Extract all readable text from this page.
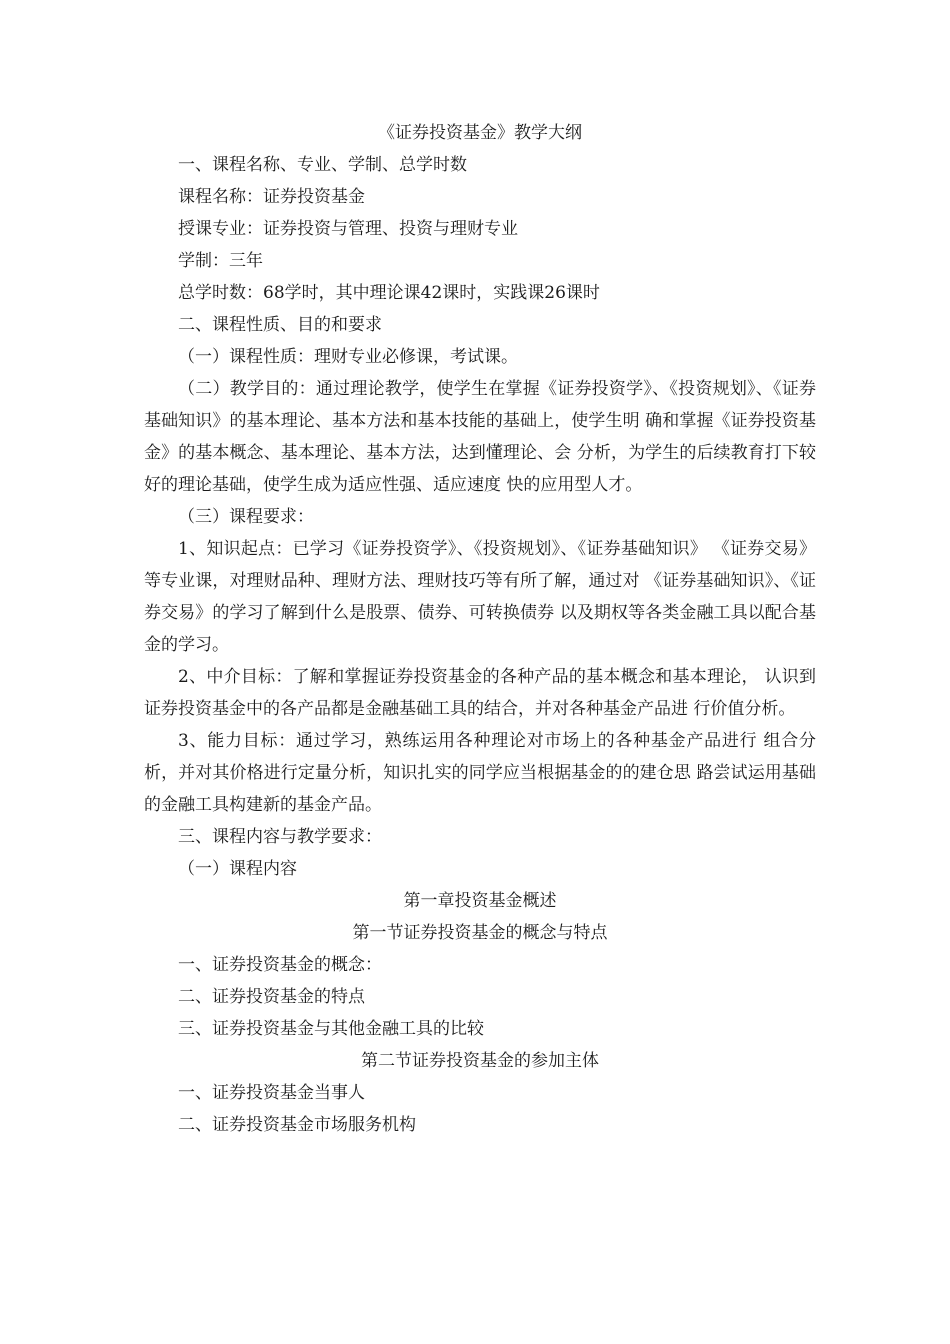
《证券投资基金》教学大纲
一、课程名称、专业、学制、总学时数
课程名称：证券投资基金
授课专业：证券投资与管理、投资与理财专业
学制：三年
总学时数：68学时，其中理论课42课时，实践课26课时
二、课程性质、目的和要求
（一）课程性质：理财专业必修课，考试课。
（二）教学目的：通过理论教学，使学生在掌握《证券投资学》、《投资规划》、《证券基础知识》的基本理论、基本方法和基本技能的基础上，使学生明 确和掌握《证券投资基金》的基本概念、基本理论、基本方法，达到懂理论、会 分析，为学生的后续教育打下较好的理论基础，使学生成为适应性强、适应速度 快的应用型人才。
（三）课程要求：
1、知识起点：已学习《证券投资学》、《投资规划》、《证券基础知识》 《证券交易》等专业课，对理财品种、理财方法、理财技巧等有所了解，通过对 《证券基础知识》、《证券交易》的学习了解到什么是股票、债券、可转换债券 以及期权等各类金融工具以配合基金的学习。
2、中介目标：了解和掌握证券投资基金的各种产品的基本概念和基本理论， 认识到证券投资基金中的各产品都是金融基础工具的结合，并对各种基金产品进 行价值分析。
3、能力目标：通过学习，熟练运用各种理论对市场上的各种基金产品进行 组合分析，并对其价格进行定量分析，知识扎实的同学应当根据基金的的建仓思 路尝试运用基础的金融工具构建新的基金产品。
三、课程内容与教学要求：
（一）课程内容
第一章投资基金概述
第一节证券投资基金的概念与特点
一、证券投资基金的概念：
二、证券投资基金的特点
三、证券投资基金与其他金融工具的比较
第二节证券投资基金的参加主体
一、证券投资基金当事人
二、证券投资基金市场服务机构
